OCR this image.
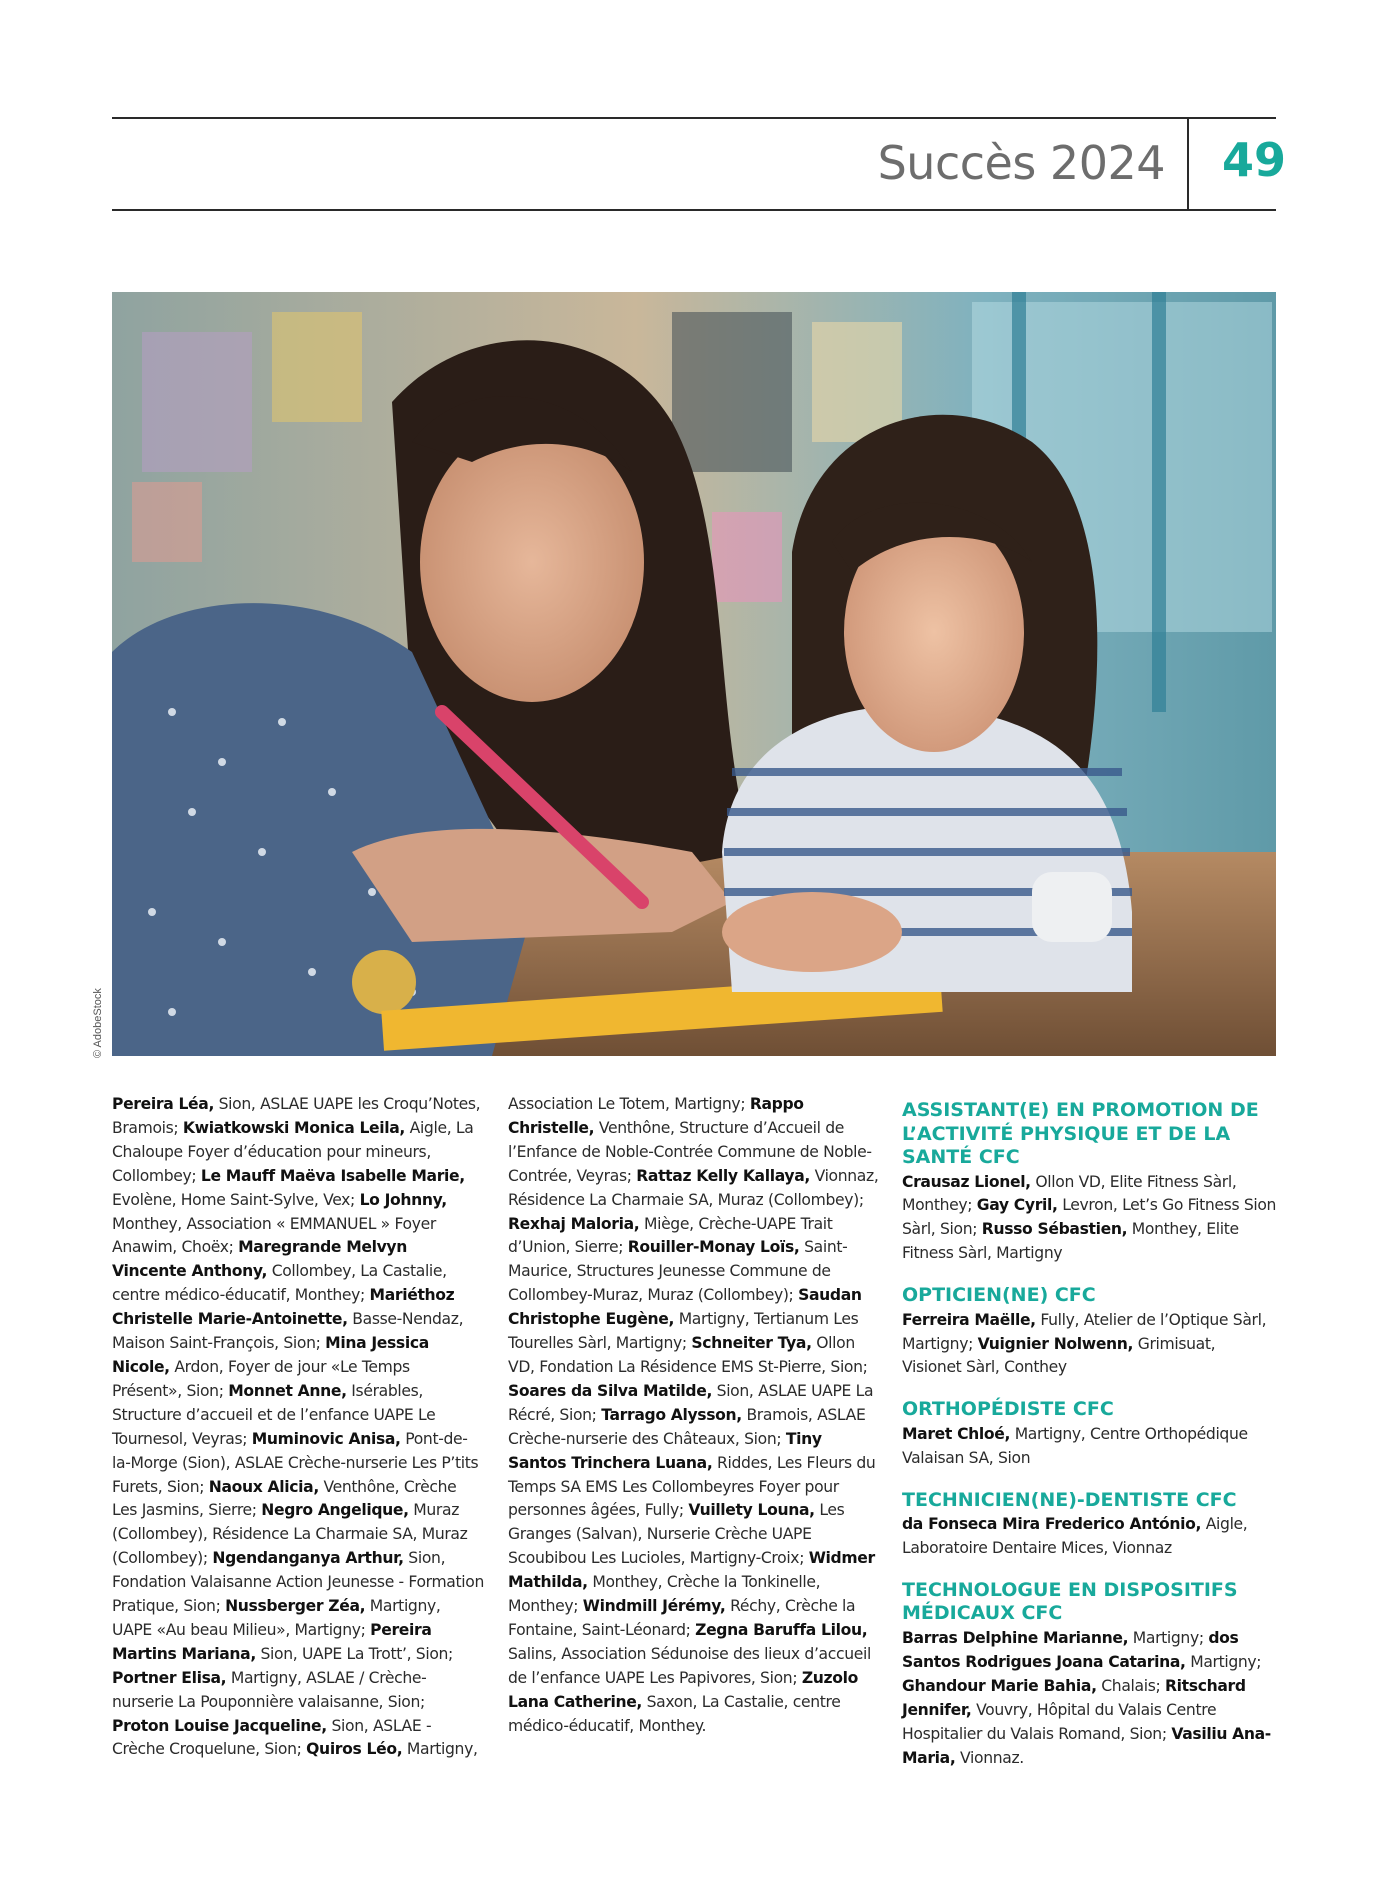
Succès 2024 49
© AdobeStock
Pereira Léa, Sion, ASLAE UAPE les Croqu’Notes, Bramois; Kwiatkowski Monica Leila, Aigle, La Chaloupe Foyer d’éducation pour mineurs, Collombey; Le Mauff Maëva Isabelle Marie, Evolène, Home Saint-Sylve, Vex; Lo Johnny, Monthey, Association « EMMANUEL » Foyer Anawim, Choëx; Maregrande Melvyn Vincente Anthony, Collombey, La Castalie, centre médico-éducatif, Monthey; Mariéthoz Christelle Marie-Antoinette, Basse-Nendaz, Maison Saint-François, Sion; Mina Jessica Nicole, Ardon, Foyer de jour «Le Temps Présent», Sion; Monnet Anne, Isérables, Structure d’accueil et de l’enfance UAPE Le Tournesol, Veyras; Muminovic Anisa, Pont-de-la-Morge (Sion), ASLAE Crèche-nurserie Les P’tits Furets, Sion; Naoux Alicia, Venthône, Crèche Les Jasmins, Sierre; Negro Angelique, Muraz (Collombey), Résidence La Charmaie SA, Muraz (Collombey); Ngendanganya Arthur, Sion, Fondation Valaisanne Action Jeunesse - Formation Pratique, Sion; Nussberger Zéa, Martigny, UAPE «Au beau Milieu», Martigny; Pereira Martins Mariana, Sion, UAPE La Trott’, Sion; Portner Elisa, Martigny, ASLAE / Crèche-nurserie La Pouponnière valaisanne, Sion; Proton Louise Jacqueline, Sion, ASLAE - Crèche Croquelune, Sion; Quiros Léo, Martigny,
Association Le Totem, Martigny; Rappo Christelle, Venthône, Structure d’Accueil de l’Enfance de Noble-Contrée Commune de Noble-Contrée, Veyras; Rattaz Kelly Kallaya, Vionnaz, Résidence La Charmaie SA, Muraz (Collombey); Rexhaj Maloria, Miège, Crèche-UAPE Trait d’Union, Sierre; Rouiller-Monay Loïs, Saint-Maurice, Structures Jeunesse Commune de Collombey-Muraz, Muraz (Collombey); Saudan Christophe Eugène, Martigny, Tertianum Les Tourelles Sàrl, Martigny; Schneiter Tya, Ollon VD, Fondation La Résidence EMS St-Pierre, Sion; Soares da Silva Matilde, Sion, ASLAE UAPE La Récré, Sion; Tarrago Alysson, Bramois, ASLAE Crèche-nurserie des Châteaux, Sion; Tiny Santos Trinchera Luana, Riddes, Les Fleurs du Temps SA EMS Les Collombeyres Foyer pour personnes âgées, Fully; Vuillety Louna, Les Granges (Salvan), Nurserie Crèche UAPE Scoubibou Les Lucioles, Martigny-Croix; Widmer Mathilda, Monthey, Crèche la Tonkinelle, Monthey; Windmill Jérémy, Réchy, Crèche la Fontaine, Saint-Léonard; Zegna Baruffa Lilou, Salins, Association Sédunoise des lieux d’accueil de l’enfance UAPE Les Papivores, Sion; Zuzolo Lana Catherine, Saxon, La Castalie, centre médico-éducatif, Monthey.
ASSISTANT(E) EN PROMOTION DE L’ACTIVITÉ PHYSIQUE ET DE LA SANTÉ CFC
Crausaz Lionel, Ollon VD, Elite Fitness Sàrl, Monthey; Gay Cyril, Levron, Let’s Go Fitness Sion Sàrl, Sion; Russo Sébastien, Monthey, Elite Fitness Sàrl, Martigny
OPTICIEN(NE) CFC
Ferreira Maëlle, Fully, Atelier de l’Optique Sàrl, Martigny; Vuignier Nolwenn, Grimisuat, Visionet Sàrl, Conthey
ORTHOPÉDISTE CFC
Maret Chloé, Martigny, Centre Orthopédique Valaisan SA, Sion
TECHNICIEN(NE)-DENTISTE CFC
da Fonseca Mira Frederico António, Aigle, Laboratoire Dentaire Mices, Vionnaz
TECHNOLOGUE EN DISPOSITIFS MÉDICAUX CFC
Barras Delphine Marianne, Martigny; dos Santos Rodrigues Joana Catarina, Martigny; Ghandour Marie Bahia, Chalais; Ritschard Jennifer, Vouvry, Hôpital du Valais Centre Hospitalier du Valais Romand, Sion; Vasiliu Ana-Maria, Vionnaz.
